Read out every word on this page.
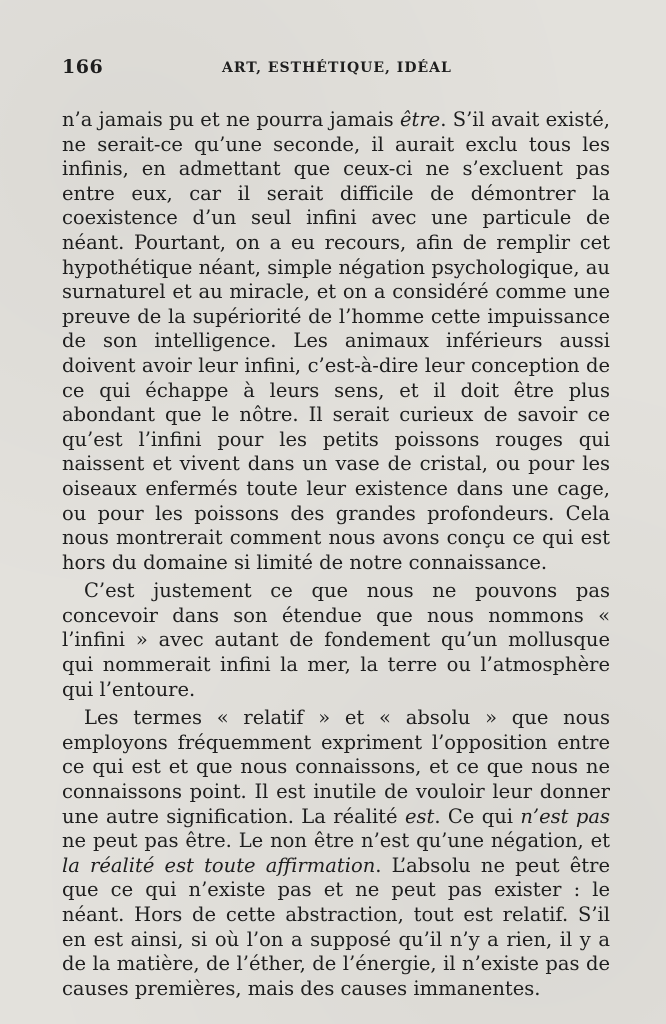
166	ART, ESTHÉTIQUE, IDÉAL

n’a jamais pu et ne pourra jamais être. S’il avait existé, ne serait-ce qu’une seconde, il aurait exclu tous les infinis, en admettant que ceux-ci ne s’excluent pas entre eux, car il serait difficile de démontrer la coexistence d’un seul infini avec une particule de néant. Pourtant, on a eu recours, afin de remplir cet hypothétique néant, simple négation psychologique, au surnaturel et au miracle, et on a considéré comme une preuve de la supériorité de l’homme cette impuissance de son intelligence. Les animaux inférieurs aussi doivent avoir leur infini, c’est-à-dire leur conception de ce qui échappe à leurs sens, et il doit être plus abondant que le nôtre. Il serait curieux de savoir ce qu’est l’infini pour les petits poissons rouges qui naissent et vivent dans un vase de cristal, ou pour les oiseaux enfermés toute leur existence dans une cage, ou pour les poissons des grandes profondeurs. Cela nous montrerait comment nous avons conçu ce qui est hors du domaine si limité de notre connaissance.

C’est justement ce que nous ne pouvons pas concevoir dans son étendue que nous nommons « l’infini » avec autant de fondement qu’un mollusque qui nommerait infini la mer, la terre ou l’atmosphère qui l’entoure.

Les termes « relatif » et « absolu » que nous employons fréquemment expriment l’opposition entre ce qui est et que nous connaissons, et ce que nous ne connaissons point. Il est inutile de vouloir leur donner une autre signification. La réalité est. Ce qui n’est pas ne peut pas être. Le non être n’est qu’une négation, et la réalité est toute affirmation. L’absolu ne peut être que ce qui n’existe pas et ne peut pas exister : le néant. Hors de cette abstraction, tout est relatif. S’il en est ainsi, si où l’on a supposé qu’il n’y a rien, il y a de la matière, de l’éther, de l’énergie, il n’existe pas de causes premières, mais des causes immanentes.
